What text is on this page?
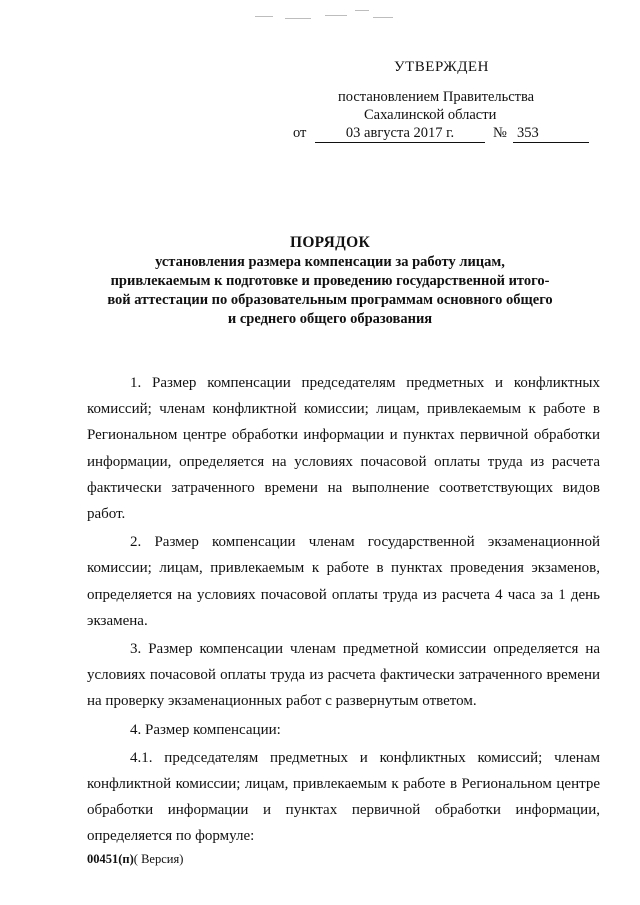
УТВЕРЖДЕН
постановлением Правительства
Сахалинской области
от	03 августа 2017 г.	№ 353
ПОРЯДОК
установления размера компенсации за работу лицам,
привлекаемым к подготовке и проведению государственной итого-
вой аттестации по образовательным программам основного общего
и среднего общего образования

1. Размер компенсации председателям предметных и конфликтных комиссий; членам конфликтной комиссии; лицам, привлекаемым к работе в Региональном центре обработки информации и пунктах первичной обработки информации, определяется на условиях почасовой оплаты труда из расчета фактически затраченного времени на выполнение соответствующих видов работ.

2. Размер компенсации членам государственной экзаменационной комиссии; лицам, привлекаемым к работе в пунктах проведения экзаменов, определяется на условиях почасовой оплаты труда из расчета 4 часа за 1 день экзамена.

3. Размер компенсации членам предметной комиссии определяется на условиях почасовой оплаты труда из расчета фактически затраченного времени на проверку экзаменационных работ с развернутым ответом.

4. Размер компенсации:

4.1. председателям предметных и конфликтных комиссий; членам конфликтной комиссии; лицам, привлекаемым к работе в Региональном центре обработки информации и пунктах первичной обработки информации, определяется по формуле:

00451(п)( Версия)
